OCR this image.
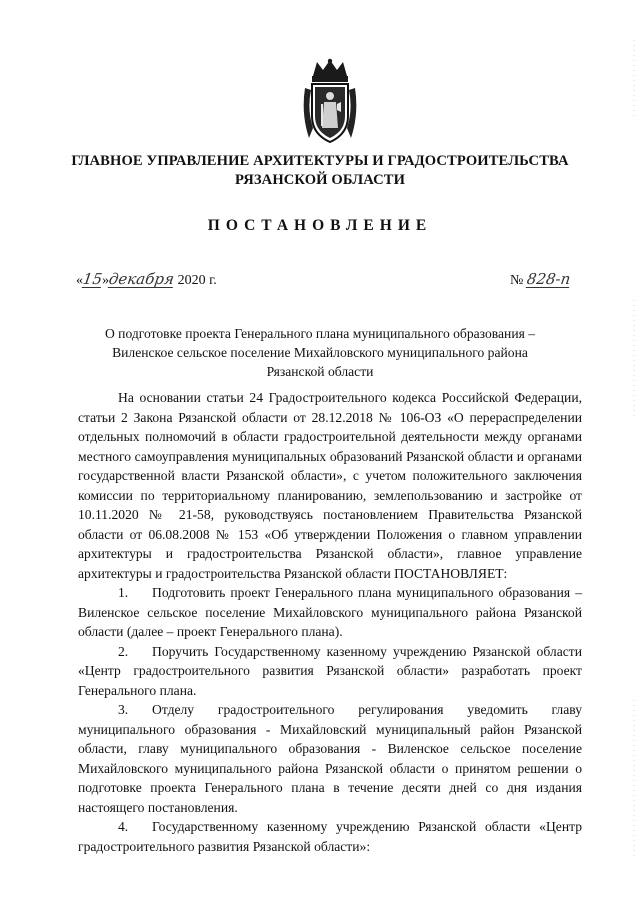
ГЛАВНОЕ УПРАВЛЕНИЕ АРХИТЕКТУРЫ И ГРАДОСТРОИТЕЛЬСТВА
РЯЗАНСКОЙ ОБЛАСТИ
ПОСТАНОВЛЕНИЕ
«15»декабря 2020 г.	№ 828-п
О подготовке проекта Генерального плана муниципального образования –
Виленское сельское поселение Михайловского муниципального района
Рязанской области

На основании статьи 24 Градостроительного кодекса Российской Федерации, статьи 2 Закона Рязанской области от 28.12.2018 № 106-ОЗ «О перераспределении отдельных полномочий в области градостроительной деятельности между органами местного самоуправления муниципальных образований Рязанской области и органами государственной власти Рязанской области», с учетом положительного заключения комиссии по территориальному планированию, землепользованию и застройке от 10.11.2020 № 21-58, руководствуясь постановлением Правительства Рязанской области от 06.08.2008 № 153 «Об утверждении Положения о главном управлении архитектуры и градостроительства Рязанской области», главное управление архитектуры и градостроительства Рязанской области ПОСТАНОВЛЯЕТ:

1. Подготовить проект Генерального плана муниципального образования – Виленское сельское поселение Михайловского муниципального района Рязанской области (далее – проект Генерального плана).

2. Поручить Государственному казенному учреждению Рязанской области «Центр градостроительного развития Рязанской области» разработать проект Генерального плана.

3. Отделу градостроительного регулирования уведомить главу муниципального образования - Михайловский муниципальный район Рязанской области, главу муниципального образования - Виленское сельское поселение Михайловского муниципального района Рязанской области о принятом решении о подготовке проекта Генерального плана в течение десяти дней со дня издания настоящего постановления.

4. Государственному казенному учреждению Рязанской области «Центр градостроительного развития Рязанской области»:
